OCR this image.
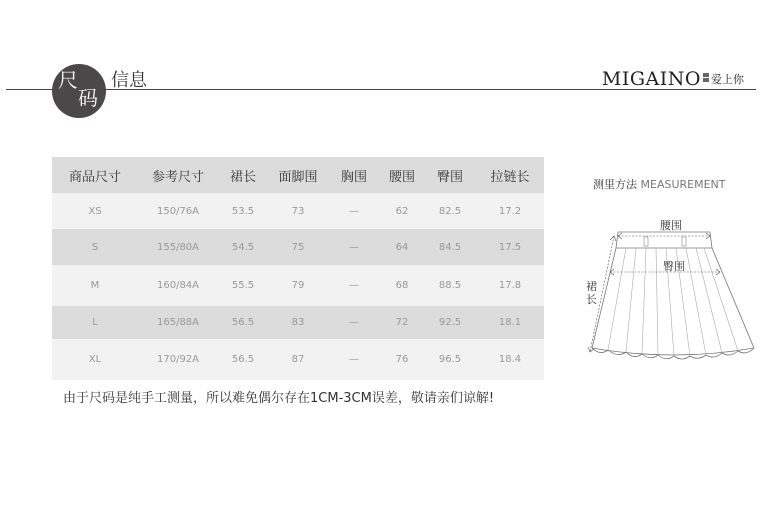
尺
码
信息	MIGAINO 爱上你
商品尺寸	参考尺寸	裙长	面脚围	胸围	腰围	臀围	拉链长
XS	150/76A	53.5	73	—	62	82.5	17.2
S	155/80A	54.5	75	—	64	84.5	17.5
M	160/84A	55.5	79	—	68	88.5	17.8
L	165/88A	56.5	83	—	72	92.5	18.1
XL	170/92A	56.5	87	—	76	96.5	18.4
由于尺码是纯手工测量，所以难免偶尔存在1CM-3CM误差，敬请亲们谅解!
测里方法 MEASUREMENT
腰围
臀围
裙长
